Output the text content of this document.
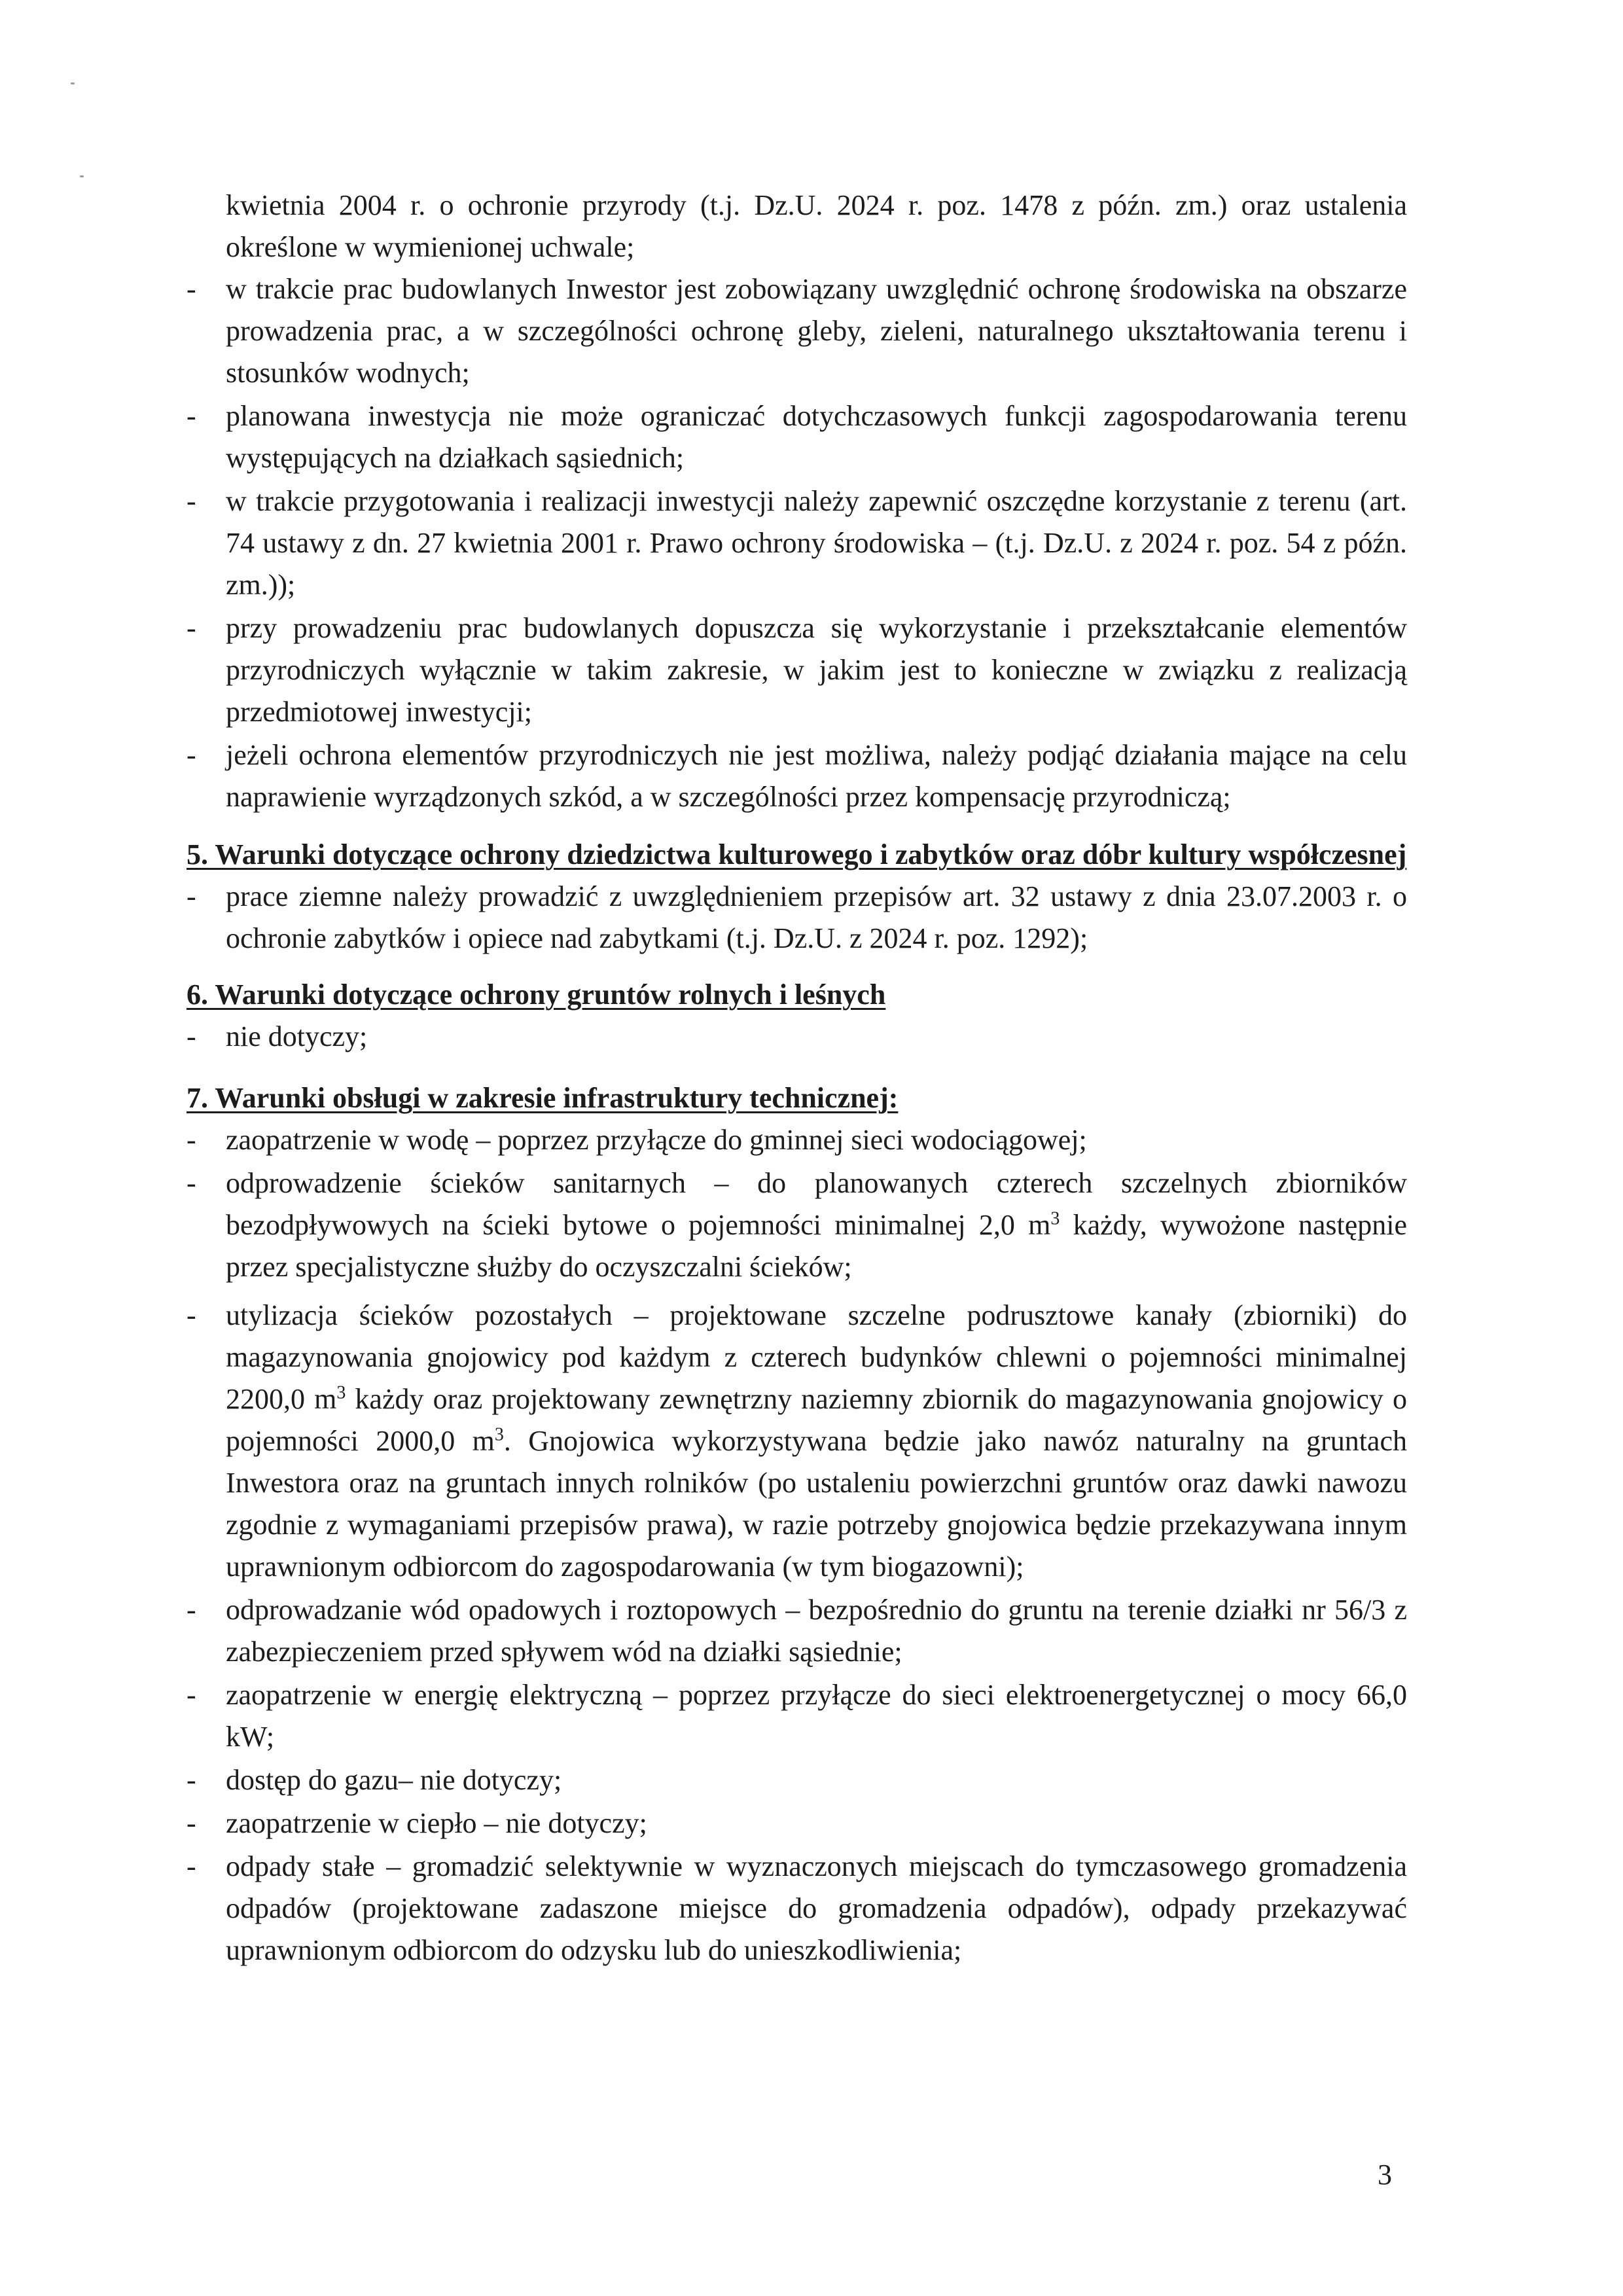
kwietnia 2004 r. o ochronie przyrody (t.j. Dz.U. 2024 r. poz. 1478 z późn. zm.) oraz ustalenia określone w wymienionej uchwale;

- w trakcie prac budowlanych Inwestor jest zobowiązany uwzględnić ochronę środowiska na obszarze prowadzenia prac, a w szczególności ochronę gleby, zieleni, naturalnego ukształtowania terenu i stosunków wodnych;
- planowana inwestycja nie może ograniczać dotychczasowych funkcji zagospodarowania terenu występujących na działkach sąsiednich;
- w trakcie przygotowania i realizacji inwestycji należy zapewnić oszczędne korzystanie z terenu (art. 74 ustawy z dn. 27 kwietnia 2001 r. Prawo ochrony środowiska – (t.j. Dz.U. z 2024 r. poz. 54 z późn. zm.));
- przy prowadzeniu prac budowlanych dopuszcza się wykorzystanie i przekształcanie elementów przyrodniczych wyłącznie w takim zakresie, w jakim jest to konieczne w związku z realizacją przedmiotowej inwestycji;
- jeżeli ochrona elementów przyrodniczych nie jest możliwa, należy podjąć działania mające na celu naprawienie wyrządzonych szkód, a w szczególności przez kompensację przyrodniczą;

5. Warunki dotyczące ochrony dziedzictwa kulturowego i zabytków oraz dóbr kultury współczesnej

- prace ziemne należy prowadzić z uwzględnieniem przepisów art. 32 ustawy z dnia 23.07.2003 r. o ochronie zabytków i opiece nad zabytkami (t.j. Dz.U. z 2024 r. poz. 1292);

6. Warunki dotyczące ochrony gruntów rolnych i leśnych

- nie dotyczy;

7. Warunki obsługi w zakresie infrastruktury technicznej:

- zaopatrzenie w wodę – poprzez przyłącze do gminnej sieci wodociągowej;
- odprowadzenie ścieków sanitarnych – do planowanych czterech szczelnych zbiorników bezodpływowych na ścieki bytowe o pojemności minimalnej 2,0 $m^3$ każdy, wywożone następnie przez specjalistyczne służby do oczyszczalni ścieków;
- utylizacja ścieków pozostałych – projektowane szczelne podrusztowe kanały (zbiorniki) do magazynowania gnojowicy pod każdym z czterech budynków chlewni o pojemności minimalnej 2200,0 $m^3$ każdy oraz projektowany zewnętrzny naziemny zbiornik do magazynowania gnojowicy o pojemności 2000,0 $m^3$. Gnojowica wykorzystywana będzie jako nawóz naturalny na gruntach Inwestora oraz na gruntach innych rolników (po ustaleniu powierzchni gruntów oraz dawki nawozu zgodnie z wymaganiami przepisów prawa), w razie potrzeby gnojowica będzie przekazywana innym uprawnionym odbiorcom do zagospodarowania (w tym biogazowni);
- odprowadzanie wód opadowych i roztopowych – bezpośrednio do gruntu na terenie działki nr 56/3 z zabezpieczeniem przed spływem wód na działki sąsiednie;
- zaopatrzenie w energię elektryczną – poprzez przyłącze do sieci elektroenergetycznej o mocy 66,0 kW;
- dostęp do gazu– nie dotyczy;
- zaopatrzenie w ciepło – nie dotyczy;
- odpady stałe – gromadzić selektywnie w wyznaczonych miejscach do tymczasowego gromadzenia odpadów (projektowane zadaszone miejsce do gromadzenia odpadów), odpady przekazywać uprawnionym odbiorcom do odzysku lub do unieszkodliwienia;
3
